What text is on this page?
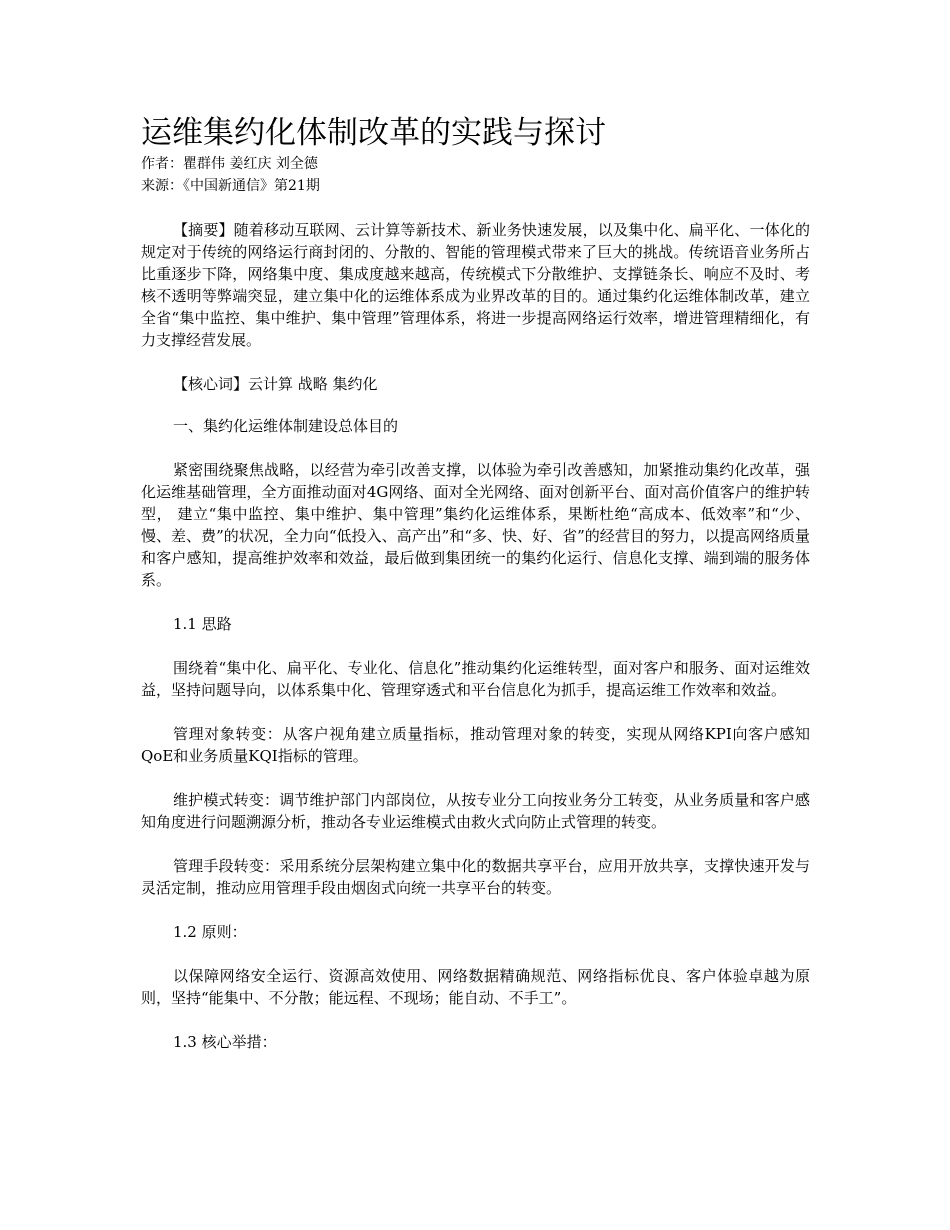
运维集约化体制改革的实践与探讨

作者：瞿群伟 姜红庆 刘全德

来源：《中国新通信》第21期

【摘要】随着移动互联网、云计算等新技术、新业务快速发展，以及集中化、扁平化、一体化的规定对于传统的网络运行商封闭的、分散的、智能的管理模式带来了巨大的挑战。传统语音业务所占比重逐步下降，网络集中度、集成度越来越高，传统模式下分散维护、支撑链条长、响应不及时、考核不透明等弊端突显，建立集中化的运维体系成为业界改革的目的。通过集约化运维体制改革，建立全省“集中监控、集中维护、集中管理”管理体系，将进一步提高网络运行效率，增进管理精细化，有力支撑经营发展。

【核心词】云计算 战略 集约化

一、集约化运维体制建设总体目的

紧密围绕聚焦战略，以经营为牵引改善支撑，以体验为牵引改善感知，加紧推动集约化改革，强化运维基础管理，全方面推动面对4G网络、面对全光网络、面对创新平台、面对高价值客户的维护转型， 建立“集中监控、集中维护、集中管理”集约化运维体系，果断杜绝“高成本、低效率”和“少、慢、差、费”的状况，全力向“低投入、高产出”和“多、快、好、省”的经营目的努力，以提高网络质量和客户感知，提高维护效率和效益，最后做到集团统一的集约化运行、信息化支撑、端到端的服务体系。

1.1 思路

围绕着“集中化、扁平化、专业化、信息化”推动集约化运维转型，面对客户和服务、面对运维效益，坚持问题导向，以体系集中化、管理穿透式和平台信息化为抓手，提高运维工作效率和效益。

管理对象转变：从客户视角建立质量指标，推动管理对象的转变，实现从网络KPI向客户感知QoE和业务质量KQI指标的管理。

维护模式转变：调节维护部门内部岗位，从按专业分工向按业务分工转变，从业务质量和客户感知角度进行问题溯源分析，推动各专业运维模式由救火式向防止式管理的转变。

管理手段转变：采用系统分层架构建立集中化的数据共享平台，应用开放共享，支撑快速开发与灵活定制，推动应用管理手段由烟囱式向统一共享平台的转变。

1.2 原则：

以保障网络安全运行、资源高效使用、网络数据精确规范、网络指标优良、客户体验卓越为原则，坚持“能集中、不分散；能远程、不现场；能自动、不手工”。

1.3 核心举措：
